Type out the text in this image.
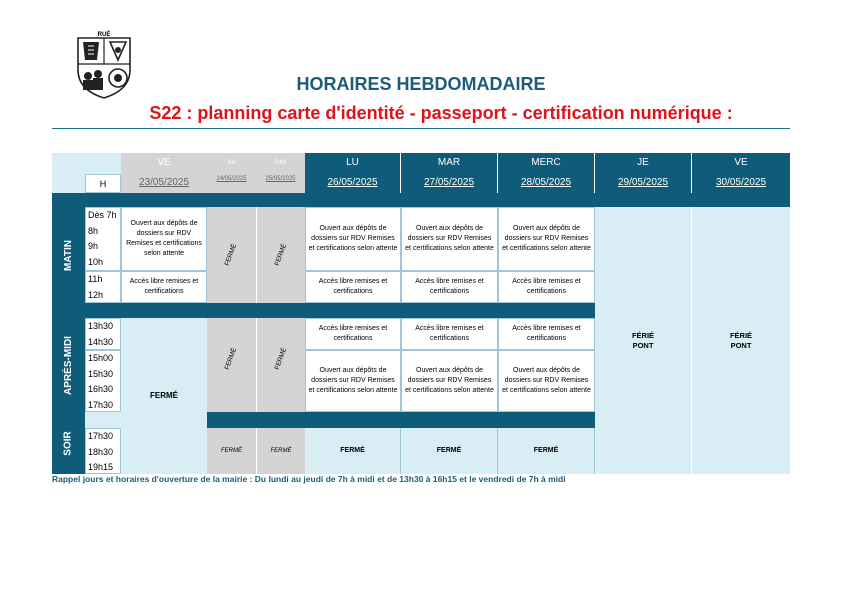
RUÉ
HORAIRES HEBDOMADAIRE
S22 : planning carte d'identité - passeport - certification numérique :
H
VE
23/05/2025
SA
24/05/2025
DIM
25/05/2025
LU
26/05/2025
MAR
27/05/2025
MERC
28/05/2025
JE
29/05/2025
VE
30/05/2025
MATIN
APRÈS-MIDI
SOIR
Dès 7h
8h
9h
10h
11h
12h
13h30
14h30
15h00
15h30
16h30
17h30
17h30
18h30
19h15
Ouvert aux dépôts de dossiers sur RDV Remises et certifications selon attente
Accès libre remises et certifications
FERMÉ
FERMÉ
FERMÉ
FERMÉ
FERMÉ
FERMÉ
FERMÉ
Ouvert aux dépôts de dossiers sur RDV Remises et certifications selon attente
Accès libre remises et certifications
Accès libre remises et certifications
Ouvert aux dépôts de dossiers sur RDV Remises et certifications selon attente
FERMÉ
Ouvert aux dépôts de dossiers sur RDV Remises et certifications selon attente
Accès libre remises et certifications
Accès libre remises et certifications
Ouvert aux dépôts de dossiers sur RDV Remises et certifications selon attente
FERMÉ
Ouvert aux dépôts de dossiers sur RDV Remises et certifications selon attente
Accès libre remises et certifications
Accès libre remises et certifications
Ouvert aux dépôts de dossiers sur RDV Remises et certifications selon attente
FERMÉ
FÉRIÉ PONT
FÉRIÉ PONT
Rappel jours et horaires d'ouverture de la mairie : Du lundi au jeudi de 7h à midi et de 13h30 à 16h15 et le vendredi de 7h à midi
